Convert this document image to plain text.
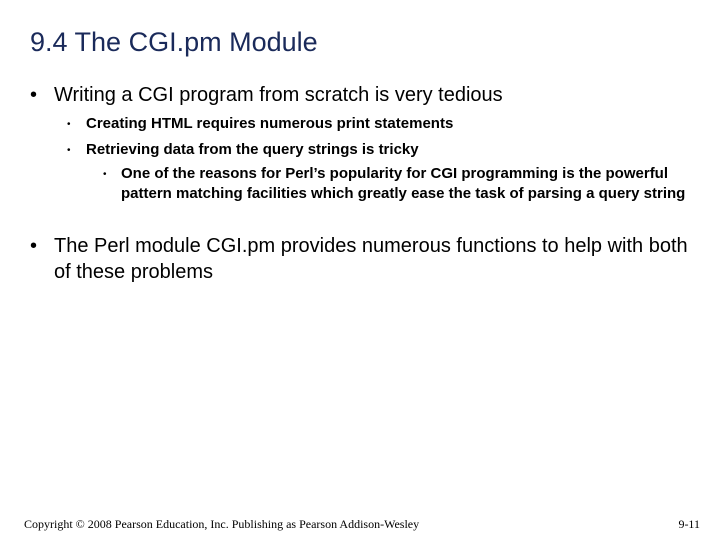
9.4 The CGI.pm Module
• Writing a CGI program from scratch is very tedious
•	Creating HTML requires numerous print statements
•	Retrieving data from the query strings is tricky
• One of the reasons for Perl’s popularity for CGI programming is the powerful pattern matching facilities which greatly ease the task of parsing a query string
• The Perl module CGI.pm provides numerous functions to help with both of these problems
Copyright © 2008 Pearson Education, Inc. Publishing as Pearson Addison-Wesley	9-11
